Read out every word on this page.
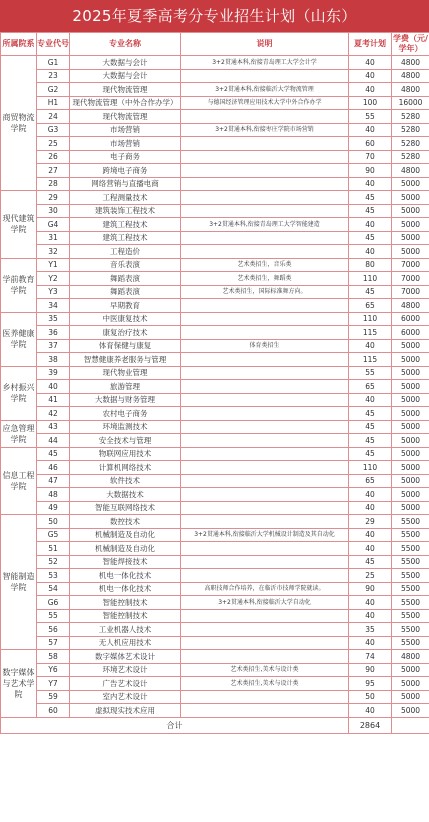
2025年夏季高考分专业招生计划（山东）
所属院系	专业代号	专业名称	说明	夏考计划	学费（元/学年）
商贸物流学院	G1	大数据与会计	3+2贯通本科,衔接青岛理工大学会计学	40	4800
	23	大数据与会计		40	4800
	G2	现代物流管理	3+2贯通本科,衔接临沂大学物流管理	40	4800
	H1	现代物流管理（中外合作办学）	与德国经济管理应用技术大学中外合作办学	100	16000
	24	现代物流管理		55	5280
	G3	市场营销	3+2贯通本科,衔接枣庄学院市场营销	40	5280
	25	市场营销		60	5280
	26	电子商务		70	5280
	27	跨境电子商务		90	4800
	28	网络营销与直播电商		40	5000
现代建筑学院	29	工程测量技术		45	5000
	30	建筑装饰工程技术		45	5000
	G4	建筑工程技术	3+2贯通本科,衔接青岛理工大学智能建造	40	5000
	31	建筑工程技术		45	5000
	32	工程造价		40	5000
学前教育学院	Y1	音乐表演	艺术类招生，音乐类	80	7000
	Y2	舞蹈表演	艺术类招生，舞蹈类	110	7000
	Y3	舞蹈表演	艺术类招生，国际标准舞方向。	45	7000
	34	早期教育		65	4800
医养健康学院	35	中医康复技术		110	6000
	36	康复治疗技术		115	6000
	37	体育保健与康复	体育类招生	40	5000
	38	智慧健康养老服务与管理		115	5000
乡村振兴学院	39	现代物业管理		55	5000
	40	旅游管理		65	5000
	41	大数据与财务管理		40	5000
	42	农村电子商务		45	5000
应急管理学院	43	环境监测技术		45	5000
	44	安全技术与管理		45	5000
信息工程学院	45	物联网应用技术		45	5000
	46	计算机网络技术		110	5000
	47	软件技术		65	5000
	48	大数据技术		40	5000
	49	智能互联网络技术		40	5000
智能制造学院	50	数控技术		29	5500
	G5	机械制造及自动化	3+2贯通本科,衔接临沂大学机械设计制造及其自动化	40	5500
	51	机械制造及自动化		40	5500
	52	智能焊接技术		45	5500
	53	机电一体化技术		25	5500
	54	机电一体化技术	高职技师合作培养，在临沂市技师学院就读。	90	5500
	G6	智能控制技术	3+2贯通本科,衔接临沂大学自动化	40	5500
	55	智能控制技术		40	5500
	56	工业机器人技术		35	5500
	57	无人机应用技术		40	5500
数字媒体与艺术学院	58	数字媒体艺术设计		74	4800
	Y6	环境艺术设计	艺术类招生,美术与设计类	90	5000
	Y7	广告艺术设计	艺术类招生,美术与设计类	95	5000
	59	室内艺术设计		50	5000
	60	虚拟现实技术应用		40	5000
合计				2864	
